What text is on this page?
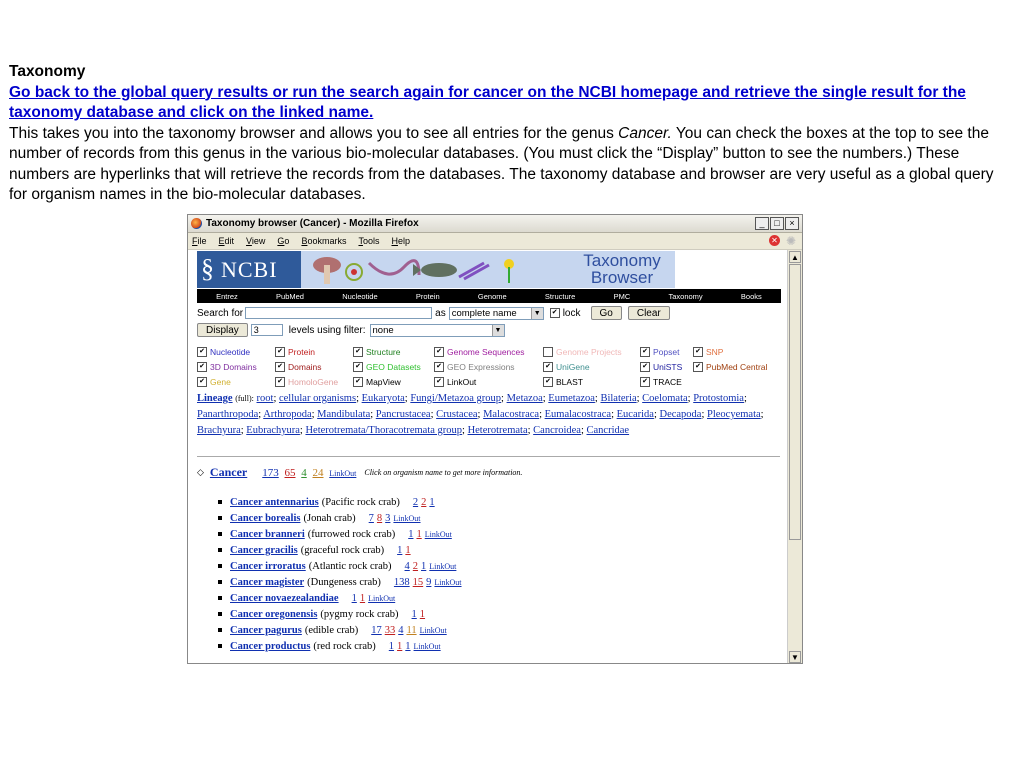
Taxonomy
Go back to the global query results or run the search again for cancer on the NCBI homepage and retrieve the single result for the taxonomy database and click on the linked name.
This takes you into the taxonomy browser and allows you to see all entries for the genus Cancer. You can check the boxes at the top to see the number of records from this genus in the various bio-molecular databases. (You must click the “Display” button to see the numbers.) These numbers are hyperlinks that will retrieve the records from the databases. The taxonomy database and browser are very useful as a global query for organism names in the bio-molecular databases.
Taxonomy browser (Cancer) - Mozilla Firefox	_	□	×
File Edit View Go Bookmarks Tools Help	✕ ✺
§ NCBI	Taxonomy
Browser
Entrez	PubMed	Nucleotide	Protein	Genome	Structure	PMC	Taxonomy	Books
Search for	as complete name	▼ ✔ lock	Go	Clear
Display
3	levels using filter: none	▼
✔ Nucleotide	✔ Protein	✔ Structure	✔ Genome Sequences	Genome Projects	✔ Popset ✔ SNP
✔ 3D Domains	✔ Domains	✔ GEO Datasets ✔ GEO Expressions	✔ UniGene	✔ UniSTS ✔ PubMed Central
✔ Gene	✔ HomoloGene ✔ MapView	✔ LinkOut	✔ BLAST	✔ TRACE
Lineage (full): root; cellular organisms; Eukaryota; Fungi/Metazoa group; Metazoa; Eumetazoa; Bilateria; Coelomata; Protostomia; Panarthropoda; Arthropoda; Mandibulata; Pancrustacea; Crustacea; Malacostraca; Eumalacostraca; Eucarida; Decapoda; Pleocyemata; Brachyura; Eubrachyura; Heterotremata/Thoracotremata group; Heterotremata; Cancroidea; Cancridae
◇ Cancer 173 65 4 24 LinkOut Click on organism name to get more information.
Cancer antennarius (Pacific rock crab) 2 2 1
Cancer borealis (Jonah crab) 7 8 3 LinkOut
Cancer branneri (furrowed rock crab) 1 1 LinkOut
Cancer gracilis (graceful rock crab) 1 1
Cancer irroratus (Atlantic rock crab) 4 2 1 LinkOut
Cancer magister (Dungeness crab) 138 15 9 LinkOut
Cancer novaezealandiae 1 1 LinkOut
Cancer oregonensis (pygmy rock crab) 1 1
Cancer pagurus (edible crab) 17 33 4 11 LinkOut
Cancer productus (red rock crab) 1 1 1 LinkOut
▲
▼
